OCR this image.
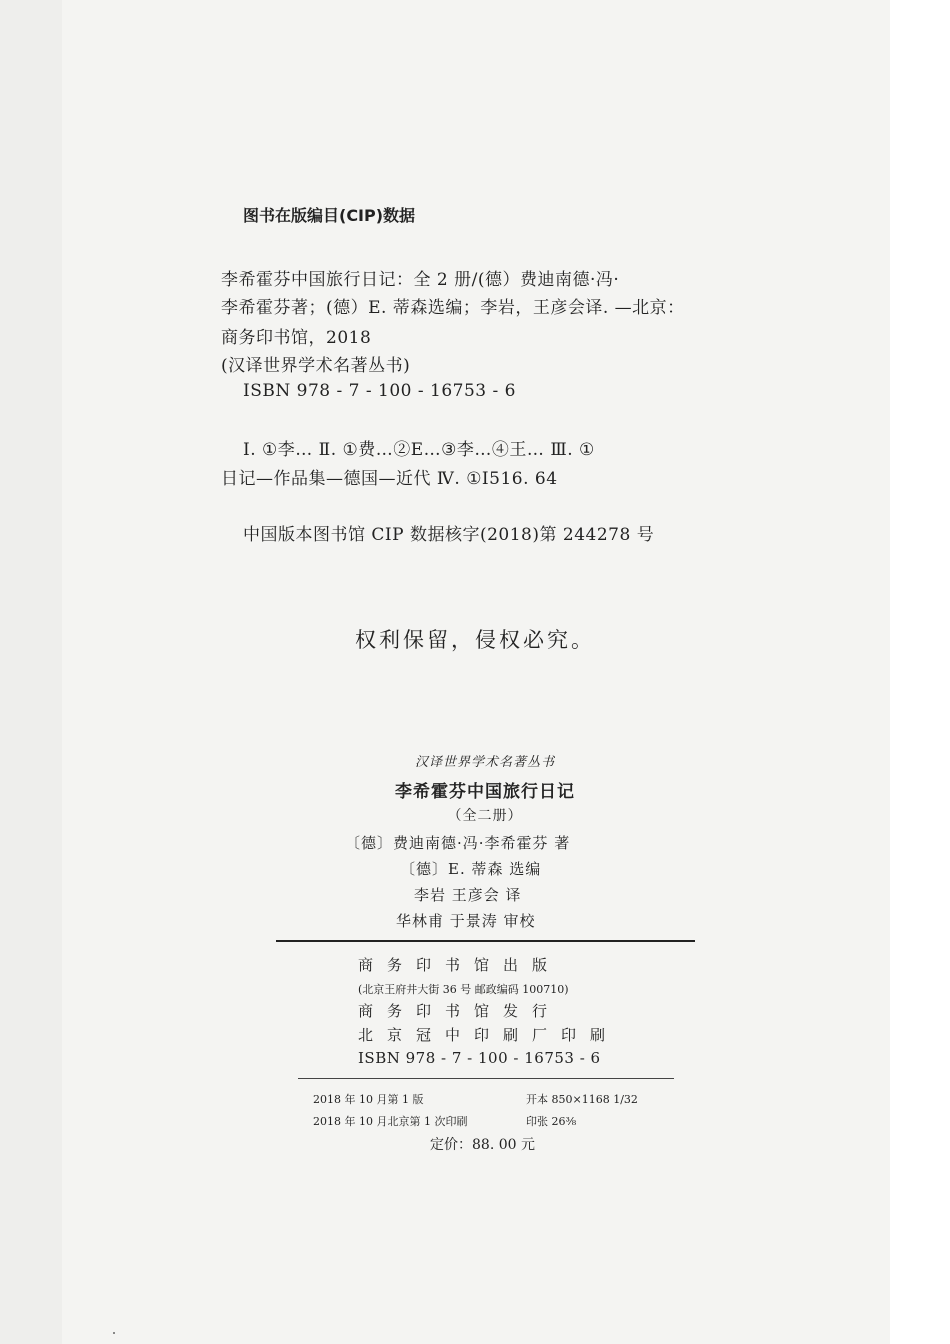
图书在版编目(CIP)数据
李希霍芬中国旅行日记：全 2 册/(德）费迪南德·冯·
李希霍芬著；(德）E. 蒂森选编；李岩，王彦会译. —北京：
商务印书馆，2018
(汉译世界学术名著丛书)
ISBN 978 - 7 - 100 - 16753 - 6
Ⅰ. ①李… Ⅱ. ①费…②E…③李…④王… Ⅲ. ①
日记—作品集—德国—近代 Ⅳ. ①I516. 64
中国版本图书馆 CIP 数据核字(2018)第 244278 号
权利保留，侵权必究。
汉译世界学术名著丛书
李希霍芬中国旅行日记
（全二册）
〔德〕费迪南德·冯·李希霍芬 著
〔德〕E. 蒂森 选编
李岩 王彦会 译
华林甫 于景涛 审校
商务印书馆出版
(北京王府井大街 36 号 邮政编码 100710)
商务印书馆发行
北京冠中印刷厂印刷
ISBN 978 - 7 - 100 - 16753 - 6
2018 年 10 月第 1 版	开本 850×1168 1/32
2018 年 10 月北京第 1 次印刷	印张 26⅜
定价：88. 00 元
